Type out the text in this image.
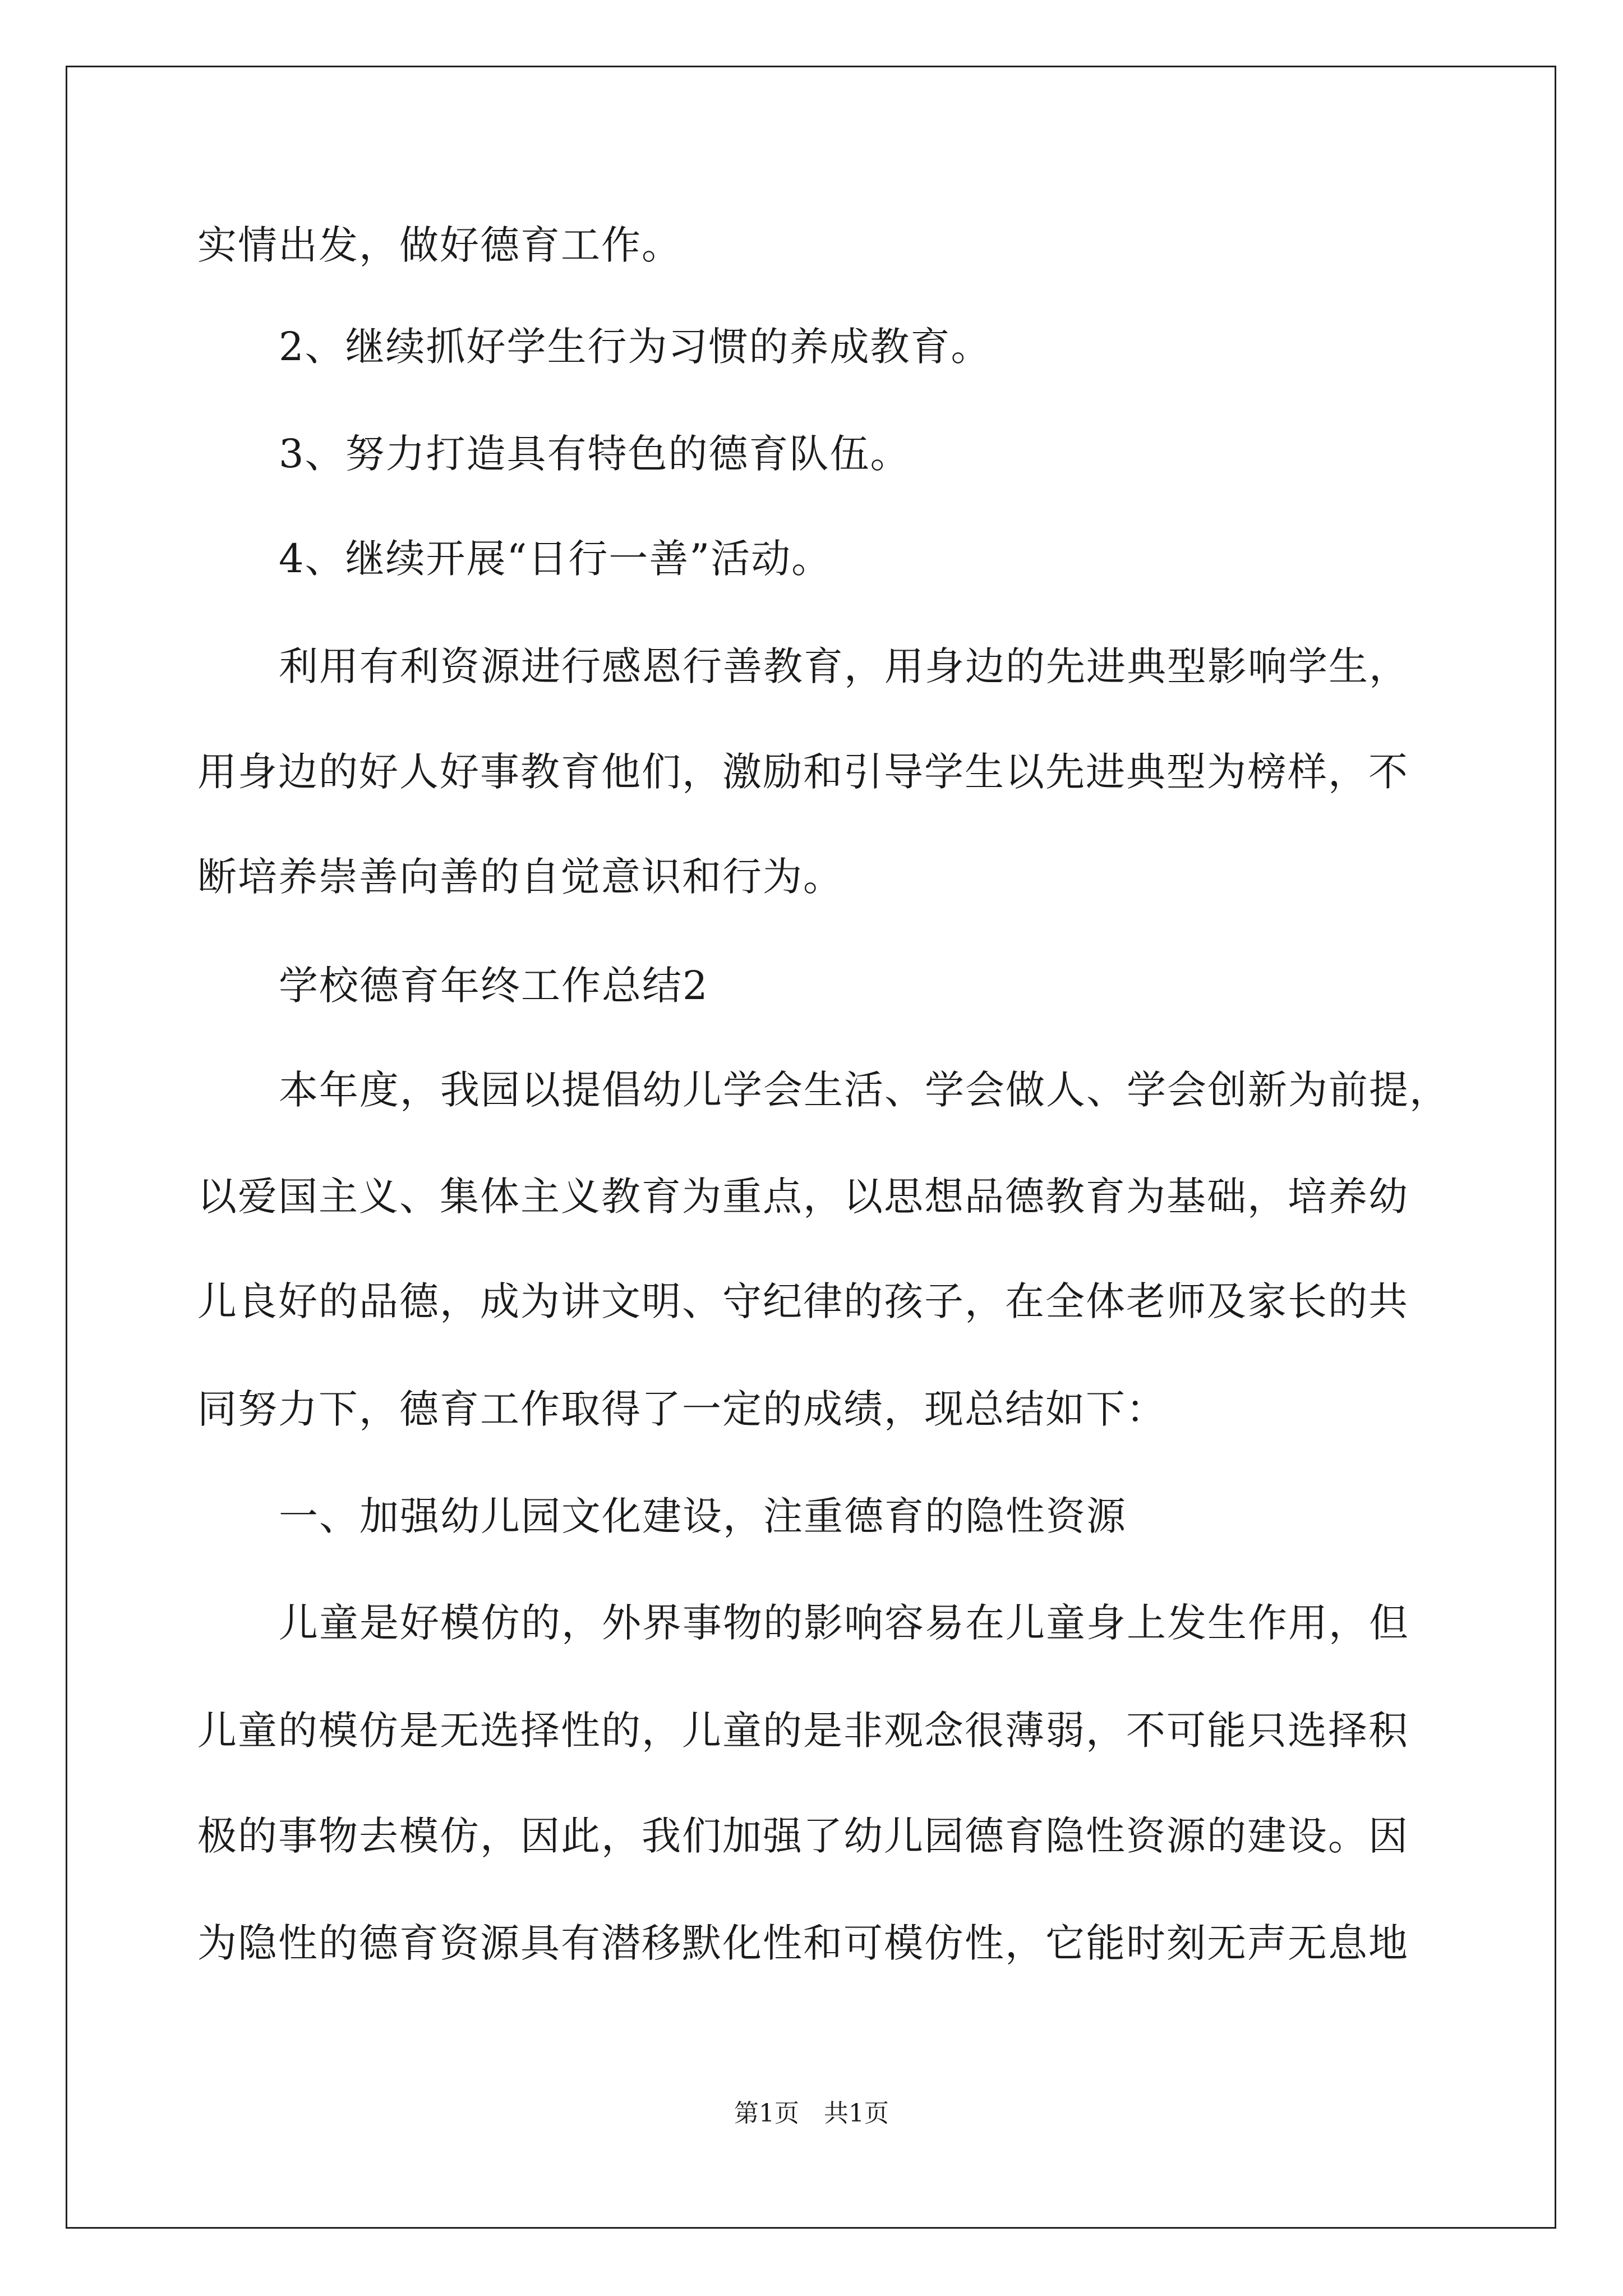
实情出发，做好德育工作。
2、继续抓好学生行为习惯的养成教育。
3、努力打造具有特色的德育队伍。
4、继续开展“日行一善”活动。
利用有利资源进行感恩行善教育，用身边的先进典型影响学生，
用身边的好人好事教育他们，激励和引导学生以先进典型为榜样，不
断培养崇善向善的自觉意识和行为。
学校德育年终工作总结2
本年度，我园以提倡幼儿学会生活、学会做人、学会创新为前提，
以爱国主义、集体主义教育为重点，以思想品德教育为基础，培养幼
儿良好的品德，成为讲文明、守纪律的孩子，在全体老师及家长的共
同努力下，德育工作取得了一定的成绩，现总结如下：
一、加强幼儿园文化建设，注重德育的隐性资源
儿童是好模仿的，外界事物的影响容易在儿童身上发生作用，但
儿童的模仿是无选择性的，儿童的是非观念很薄弱，不可能只选择积
极的事物去模仿，因此，我们加强了幼儿园德育隐性资源的建设。因
为隐性的德育资源具有潜移默化性和可模仿性，它能时刻无声无息地
第1页　共1页
